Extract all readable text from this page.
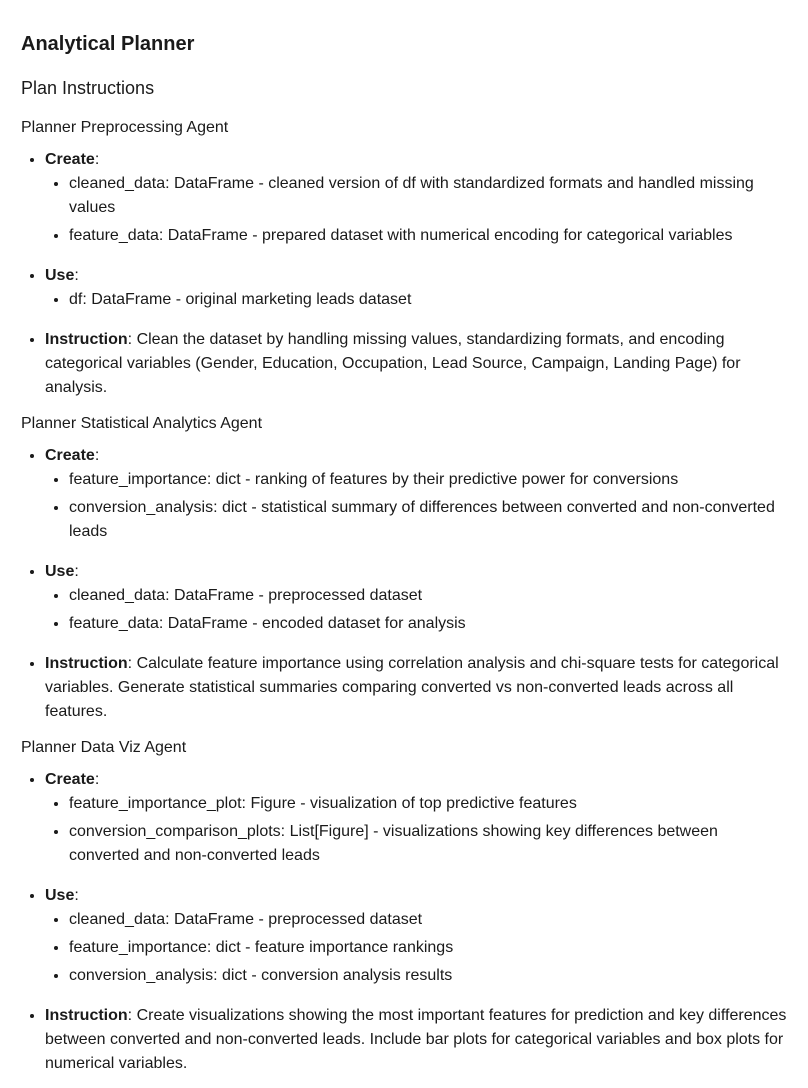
Analytical Planner
Plan Instructions
Planner Preprocessing Agent
• Create:
• cleaned_data: DataFrame - cleaned version of df with standardized formats and handled missing values
• feature_data: DataFrame - prepared dataset with numerical encoding for categorical variables
• Use:
• df: DataFrame - original marketing leads dataset
• Instruction: Clean the dataset by handling missing values, standardizing formats, and encoding categorical variables (Gender, Education, Occupation, Lead Source, Campaign, Landing Page) for analysis.
Planner Statistical Analytics Agent
• Create:
• feature_importance: dict - ranking of features by their predictive power for conversions
• conversion_analysis: dict - statistical summary of differences between converted and non-converted leads
• Use:
• cleaned_data: DataFrame - preprocessed dataset
• feature_data: DataFrame - encoded dataset for analysis
• Instruction: Calculate feature importance using correlation analysis and chi-square tests for categorical variables. Generate statistical summaries comparing converted vs non-converted leads across all features.
Planner Data Viz Agent
• Create:
• feature_importance_plot: Figure - visualization of top predictive features
• conversion_comparison_plots: List[Figure] - visualizations showing key differences between converted and non-converted leads
• Use:
• cleaned_data: DataFrame - preprocessed dataset
• feature_importance: dict - feature importance rankings
• conversion_analysis: dict - conversion analysis results
• Instruction: Create visualizations showing the most important features for prediction and key differences between converted and non-converted leads. Include bar plots for categorical variables and box plots for numerical variables.
